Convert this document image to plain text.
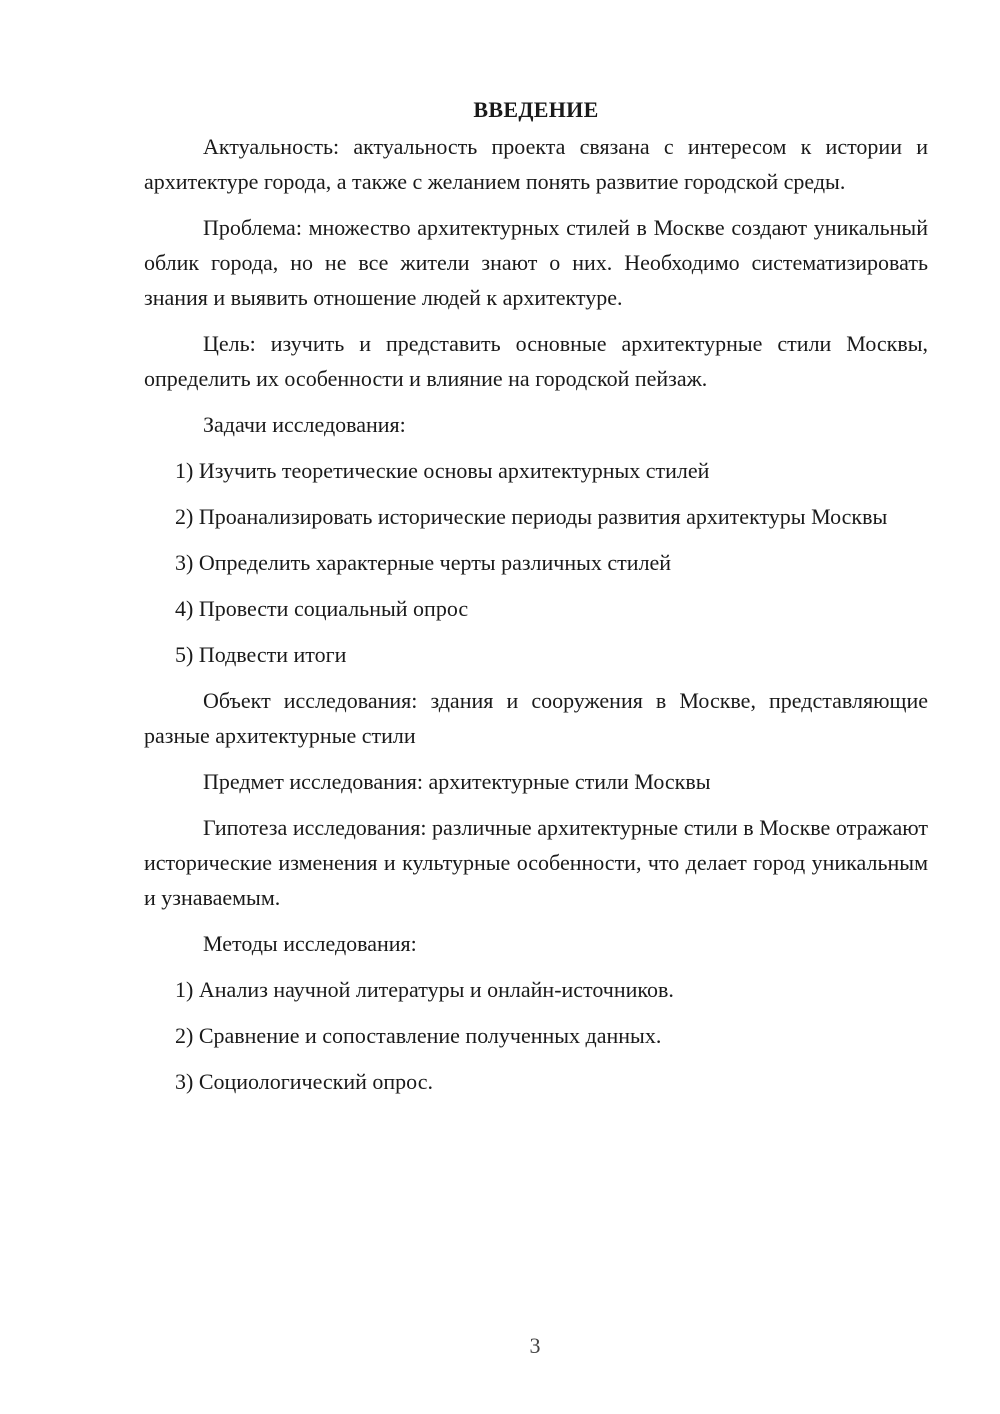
ВВЕДЕНИЕ

Актуальность: актуальность проекта связана с интересом к истории и архитектуре города, а также с желанием понять развитие городской среды.

Проблема: множество архитектурных стилей в Москве создают уникальный облик города, но не все жители знают о них. Необходимо систематизировать знания и выявить отношение людей к архитектуре.

Цель: изучить и представить основные архитектурные стили Москвы, определить их особенности и влияние на городской пейзаж.

Задачи исследования:

1) Изучить теоретические основы архитектурных стилей

2) Проанализировать исторические периоды развития архитектуры Москвы

3) Определить характерные черты различных стилей

4) Провести социальный опрос

5) Подвести итоги

Объект исследования: здания и сооружения в Москве, представляющие разные архитектурные стили

Предмет исследования: архитектурные стили Москвы

Гипотеза исследования: различные архитектурные стили в Москве отражают исторические изменения и культурные особенности, что делает город уникальным и узнаваемым.

Методы исследования:

1) Анализ научной литературы и онлайн-источников.

2) Сравнение и сопоставление полученных данных.

3) Социологический опрос.

3
